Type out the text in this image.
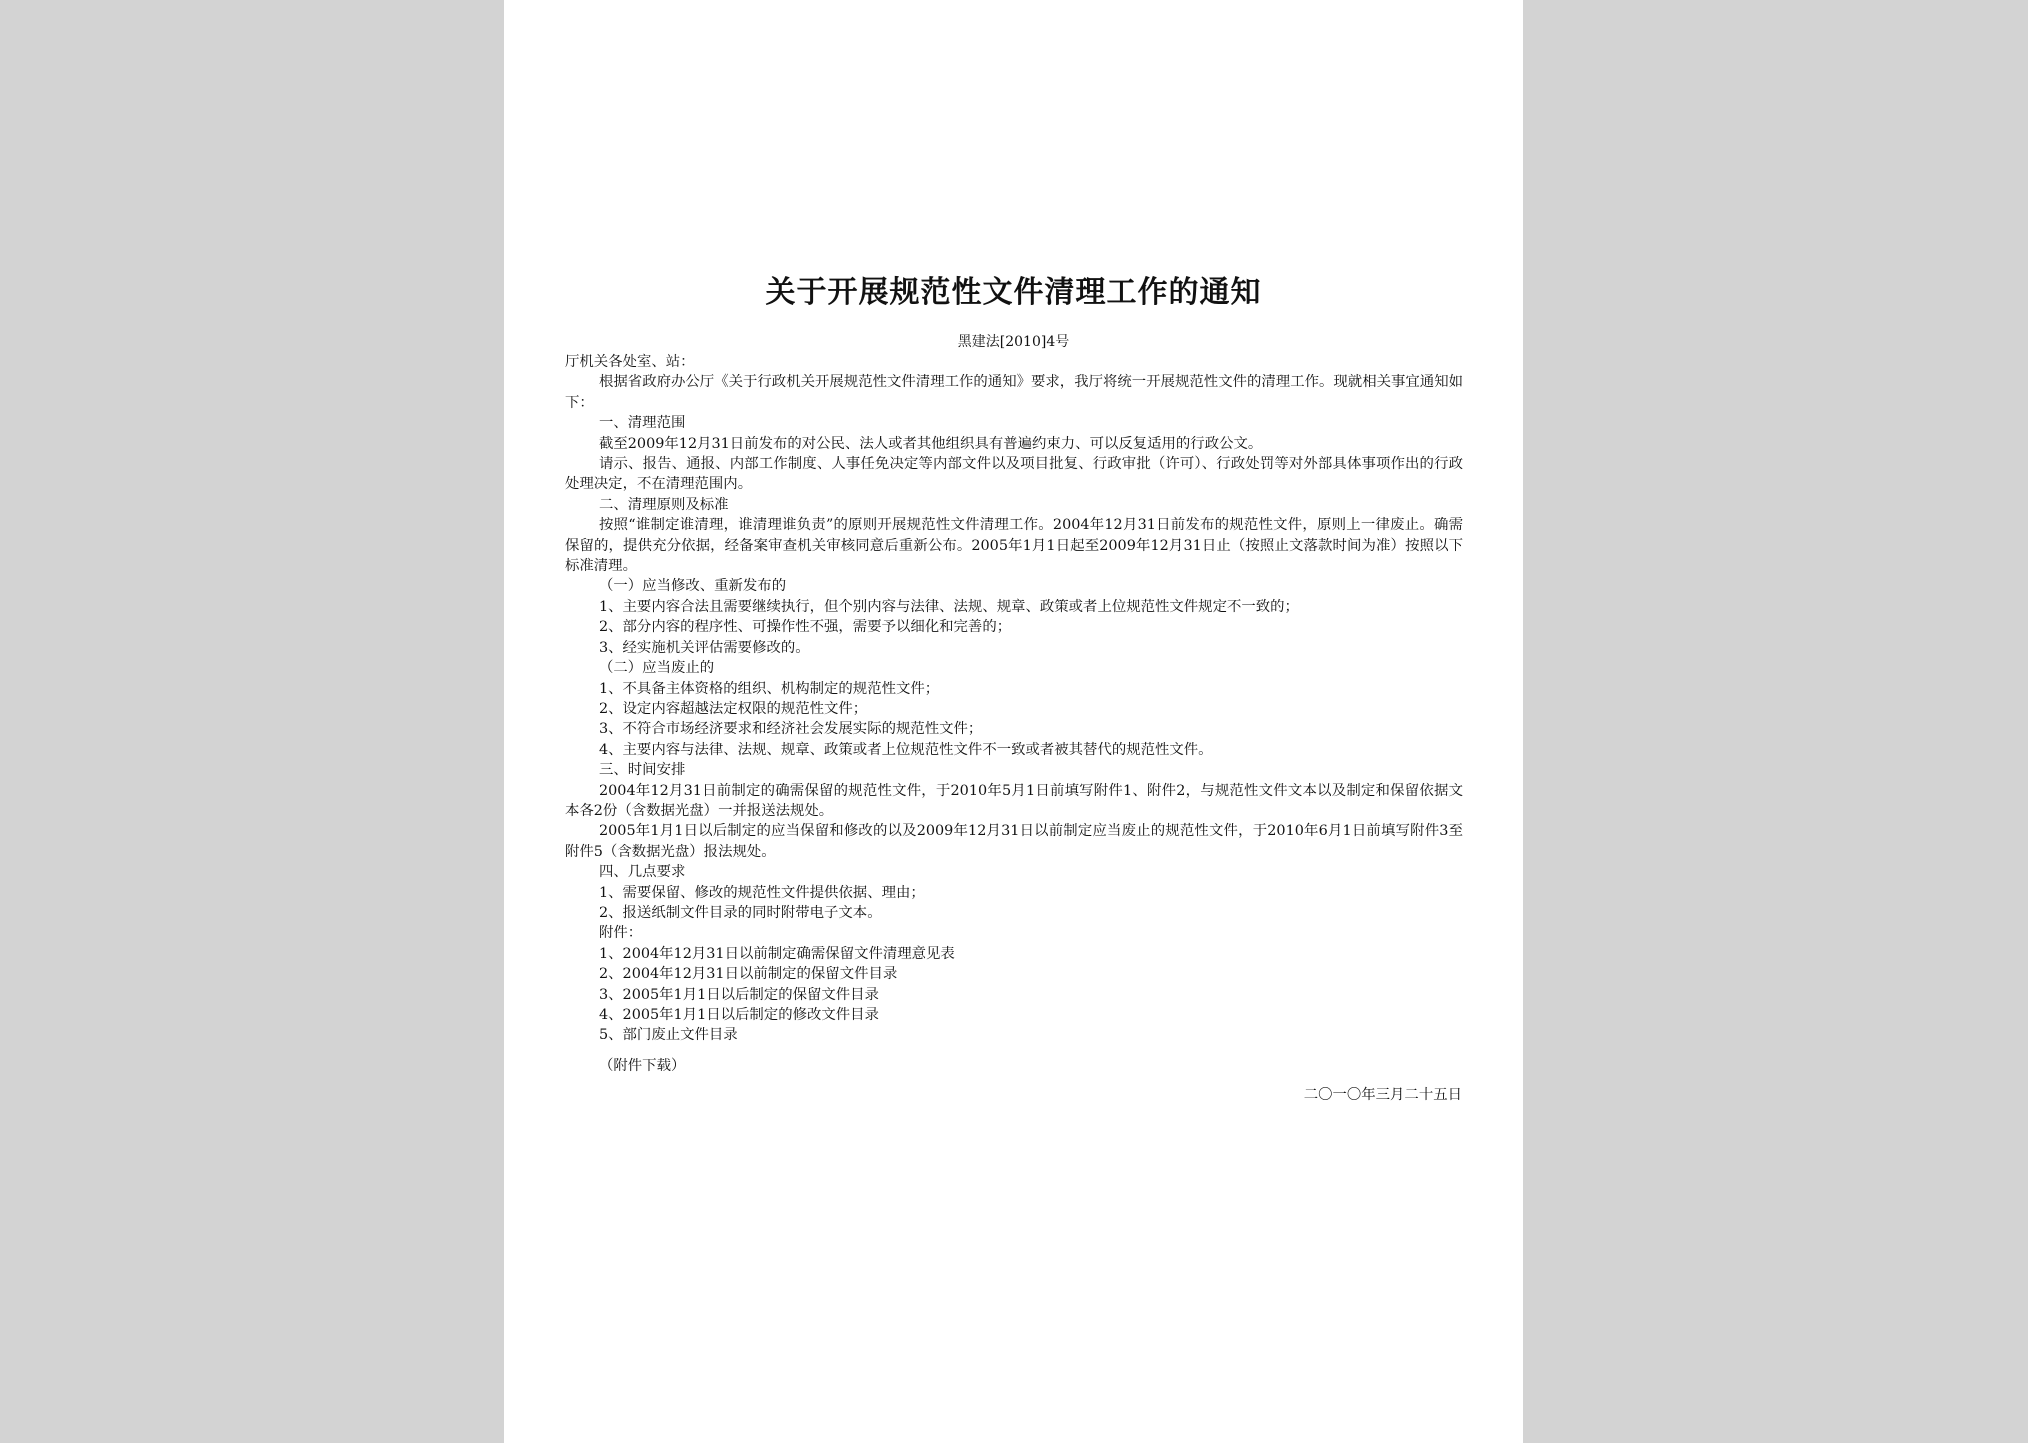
关于开展规范性文件清理工作的通知
黑建法[2010]4号

厅机关各处室、站：

根据省政府办公厅《关于行政机关开展规范性文件清理工作的通知》要求，我厅将统一开展规范性文件的清理工作。现就相关事宜通知如下：

一、清理范围

截至2009年12月31日前发布的对公民、法人或者其他组织具有普遍约束力、可以反复适用的行政公文。

请示、报告、通报、内部工作制度、人事任免决定等内部文件以及项目批复、行政审批（许可）、行政处罚等对外部具体事项作出的行政处理决定，不在清理范围内。

二、清理原则及标准

按照“谁制定谁清理，谁清理谁负责”的原则开展规范性文件清理工作。2004年12月31日前发布的规范性文件，原则上一律废止。确需保留的，提供充分依据，经备案审查机关审核同意后重新公布。2005年1月1日起至2009年12月31日止（按照止文落款时间为准）按照以下标准清理。

（一）应当修改、重新发布的

1、主要内容合法且需要继续执行，但个别内容与法律、法规、规章、政策或者上位规范性文件规定不一致的；

2、部分内容的程序性、可操作性不强，需要予以细化和完善的；

3、经实施机关评估需要修改的。

（二）应当废止的

1、不具备主体资格的组织、机构制定的规范性文件；

2、设定内容超越法定权限的规范性文件；

3、不符合市场经济要求和经济社会发展实际的规范性文件；

4、主要内容与法律、法规、规章、政策或者上位规范性文件不一致或者被其替代的规范性文件。

三、时间安排

2004年12月31日前制定的确需保留的规范性文件，于2010年5月1日前填写附件1、附件2，与规范性文件文本以及制定和保留依据文本各2份（含数据光盘）一并报送法规处。

2005年1月1日以后制定的应当保留和修改的以及2009年12月31日以前制定应当废止的规范性文件，于2010年6月1日前填写附件3至附件5（含数据光盘）报法规处。

四、几点要求

1、需要保留、修改的规范性文件提供依据、理由；

2、报送纸制文件目录的同时附带电子文本。

附件：

1、2004年12月31日以前制定确需保留文件清理意见表

2、2004年12月31日以前制定的保留文件目录

3、2005年1月1日以后制定的保留文件目录

4、2005年1月1日以后制定的修改文件目录

5、部门废止文件目录

（附件下载）

二〇一〇年三月二十五日
